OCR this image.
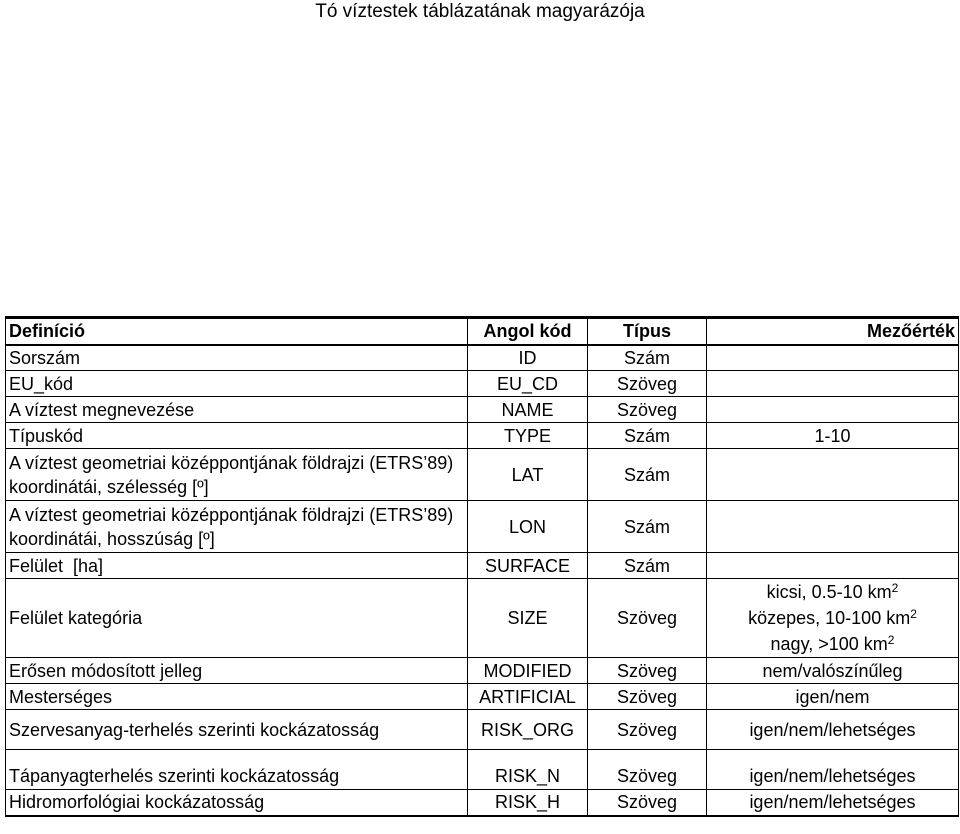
Tó víztestek táblázatának magyarázója
Definíció	Angol kód	Típus	Mezőérték
Sorszám	ID	Szám	
EU_kód	EU_CD	Szöveg	
A víztest megnevezése	NAME	Szöveg	
Típuskód	TYPE	Szám	1-10
A víztest geometriai középpontjának földrajzi (ETRS’89) koordinátái, szélesség [º]	LAT	Szám	
A víztest geometriai középpontjának földrajzi (ETRS’89) koordinátái, hosszúság [º]	LON	Szám	
Felület  [ha]	SURFACE	Szám	
Felület kategória	SIZE	Szöveg	kicsi, 0.5-10 $km^2$
közepes, 10-100 $km^2$
nagy, >100 $km^2$

Erősen módosított jelleg	MODIFIED	Szöveg	nem/valószínűleg
Mesterséges	ARTIFICIAL	Szöveg	igen/nem
Szervesanyag-terhelés szerinti kockázatosság	RISK_ORG	Szöveg	igen/nem/lehetséges
Tápanyagterhelés szerinti kockázatosság	RISK_N	Szöveg	igen/nem/lehetséges
Hidromorfológiai kockázatosság	RISK_H	Szöveg	igen/nem/lehetséges
